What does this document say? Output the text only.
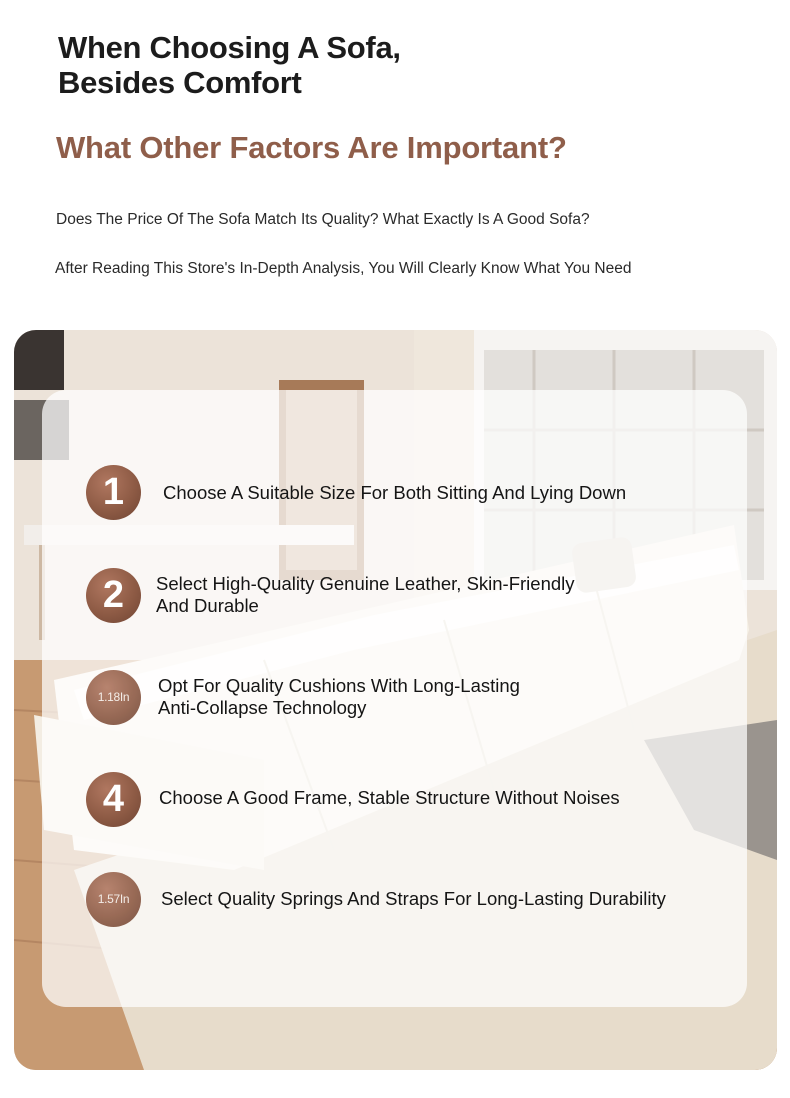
When Choosing A Sofa,
Besides Comfort
What Other Factors Are Important?
Does The Price Of The Sofa Match Its Quality? What Exactly Is A Good Sofa?
After Reading This Store's In-Depth Analysis, You Will Clearly Know What You Need
1	Choose A Suitable Size For Both Sitting And Lying Down
2	Select High-Quality Genuine Leather, Skin-Friendly
And Durable
1.18In
Opt For Quality Cushions With Long-Lasting
Anti-Collapse Technology
4	Choose A Good Frame, Stable Structure Without Noises
1.57In	Select Quality Springs And Straps For Long-Lasting Durability
